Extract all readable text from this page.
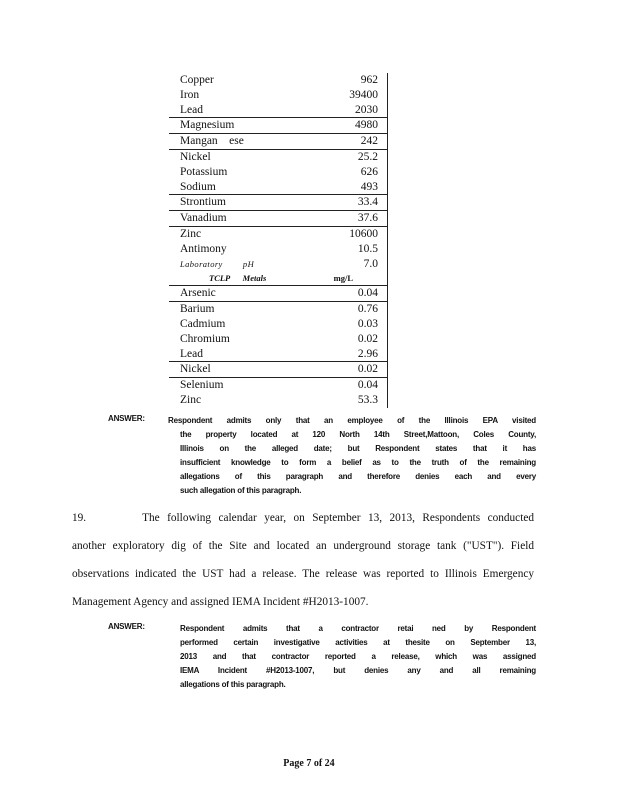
Copper	962
Iron	39400
Lead	2030
Magnesium	4980
Mangan    ese	242
Nickel	25.2
Potassium	626
Sodium	493
Strontium	33.4
Vanadium	37.6
Zinc	10600
Antimony	10.5
Laboratory        pH	7.0
TCLP      Metals	mg/L
Arsenic	0.04
Barium	0.76
Cadmium	0.03
Chromium	0.02
Lead	2.96
Nickel	0.02
Selenium	0.04
Zinc	53.3
ANSWER:	Respondent admits only that an employee of the Illinois EPA visited
the property located at 120 North 14th Street,Mattoon, Coles County,
Illinois on the alleged date; but Respondent states that it has
insufficient knowledge to form a belief as to the truth of the remaining
allegations of this paragraph and therefore denies each and every
such allegation of this paragraph.
19.	The following calendar year, on September 13, 2013, Respondents conducted
another exploratory dig of the Site and located an underground storage tank ("UST"). Field
observations indicated the UST had a release. The release was reported to Illinois Emergency
Management Agency and assigned IEMA Incident #H2013-1007.
ANSWER:	Respondent admits that a contractor retai ned by Respondent
performed certain investigative activities at thesite on September 13,
2013 and that contractor reported a release, which was assigned
IEMA Incident #H2013-1007, but denies any and all remaining
allegations of this paragraph.
Page 7 of 24
